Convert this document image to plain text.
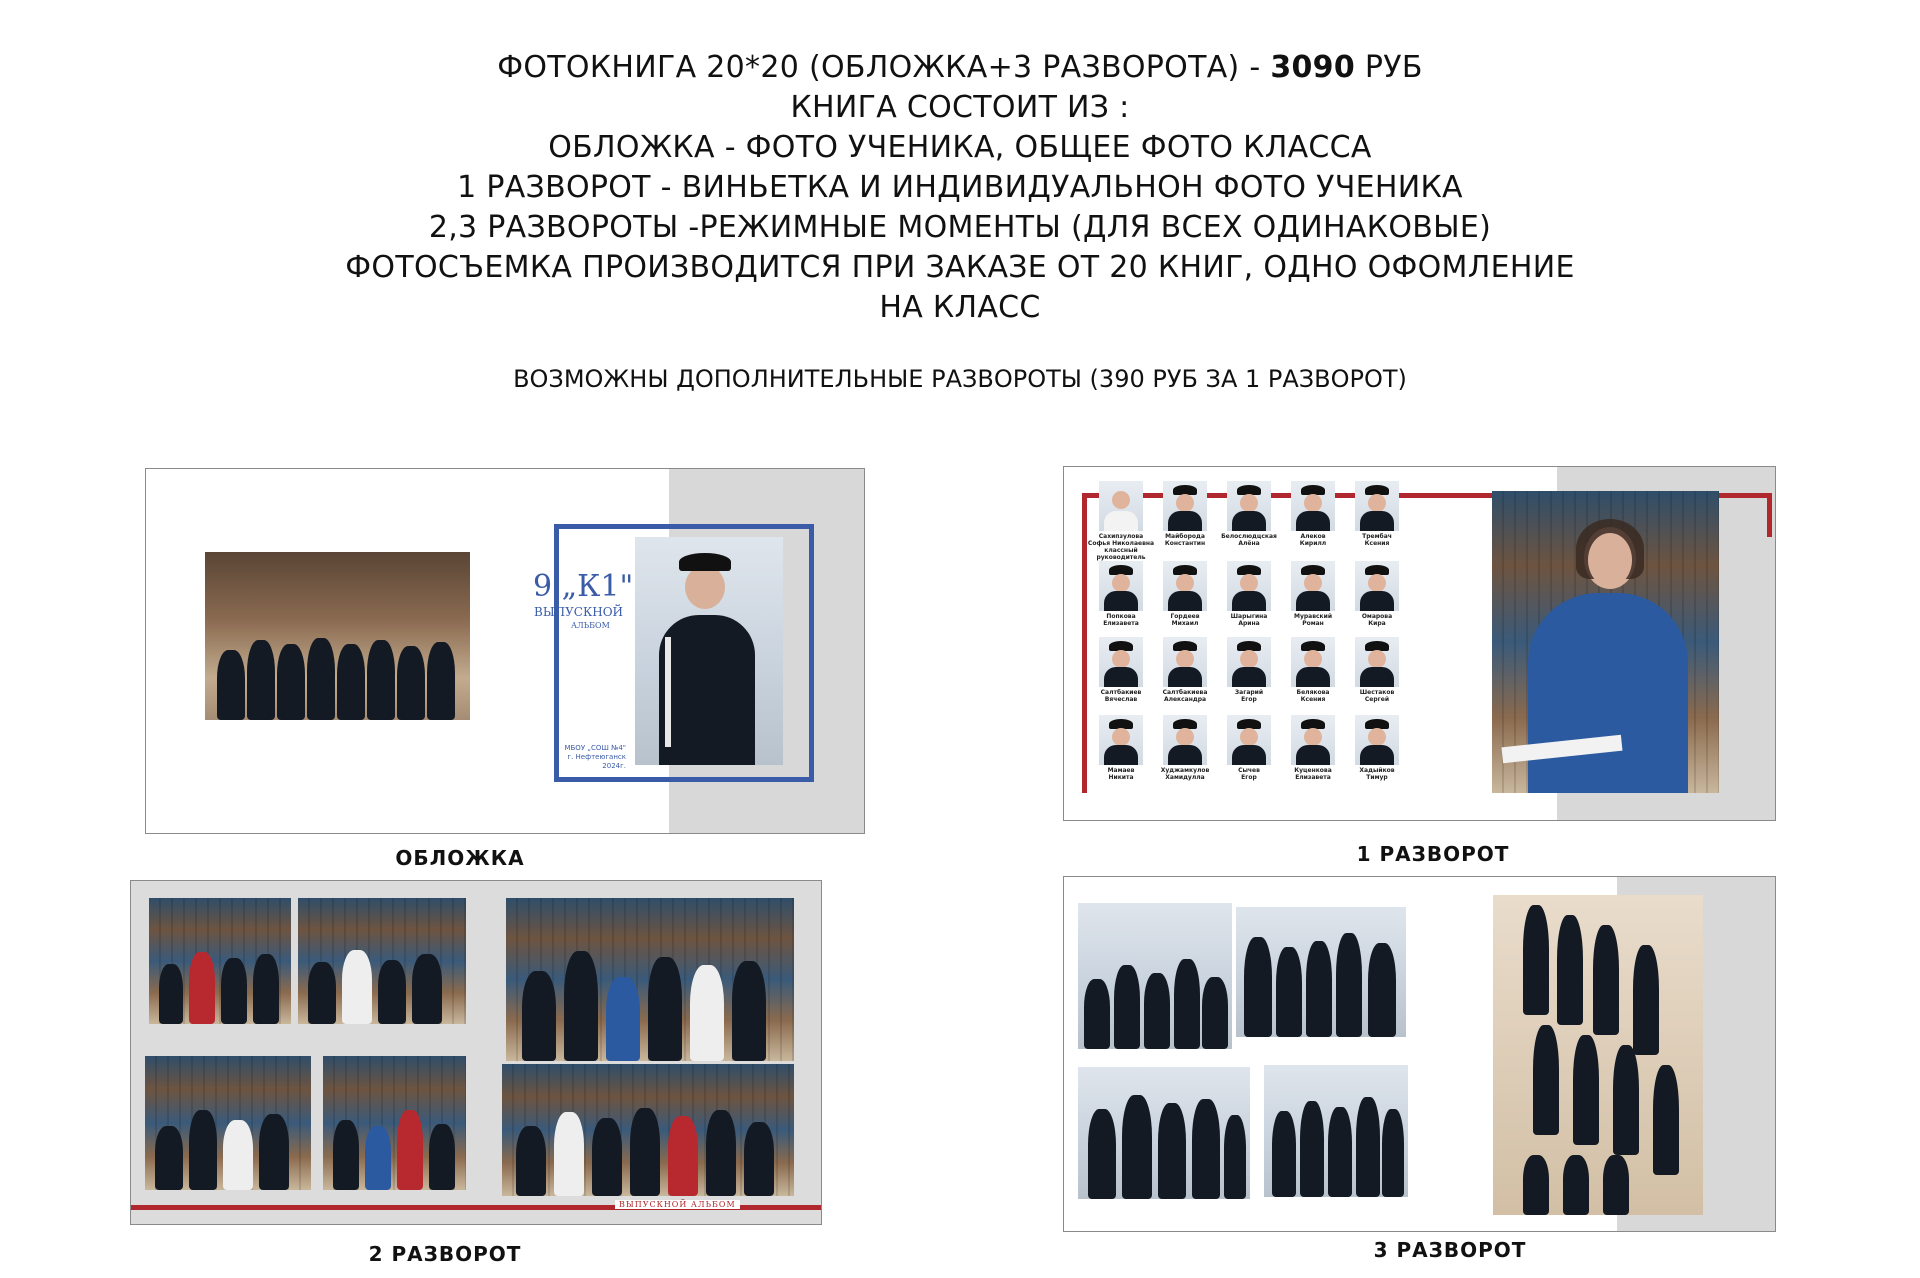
ФОТОКНИГА 20*20 (ОБЛОЖКА+3 РАЗВОРОТА) - 3090 РУБ
КНИГА СОСТОИТ ИЗ :
ОБЛОЖКА - ФОТО УЧЕНИКА, ОБЩЕЕ ФОТО КЛАССА
1 РАЗВОРОТ - ВИНЬЕТКА И ИНДИВИДУАЛЬНОН ФОТО УЧЕНИКА
2,3 РАЗВОРОТЫ -РЕЖИМНЫЕ МОМЕНТЫ (ДЛЯ ВСЕХ ОДИНАКОВЫЕ)
ФОТОСЪЕМКА ПРОИЗВОДИТСЯ ПРИ ЗАКАЗЕ ОТ 20 КНИГ, ОДНО ОФОМЛЕНИЕ
НА КЛАСС
ВОЗМОЖНЫ ДОПОЛНИТЕЛЬНЫЕ РАЗВОРОТЫ (390 РУБ ЗА 1 РАЗВОРОТ)
9 „К1"
ВЫПУСКНОЙ
АЛЬБОМ
МБОУ „СОШ №4"
г. Нефтеюганск
2024г.
ОБЛОЖКА
Сахипзулова
Софья Николаевна
классный руководитель
Майборода
Константин
Белослюдцская
Алёна
Алеков
Кирилл
Трембач
Ксения
Попкова
Елизавета
Гордеев
Михаил
Шарыгина
Арина
Муравский
Роман
Омарова
Кира
Салтбакиев
Вячеслав
Салтбакиева
Александра
Загарий
Егор
Белякова
Ксения
Шестаков
Сергей
Мамаев
Никита
Худжамкулов
Хамидулла
Сычев
Егор
Куценкова
Елизавета
Хадыйков
Тимур
1 РАЗВОРОТ
ВЫПУСКНОЙ АЛЬБОМ
2 РАЗВОРОТ	3 РАЗВОРОТ
